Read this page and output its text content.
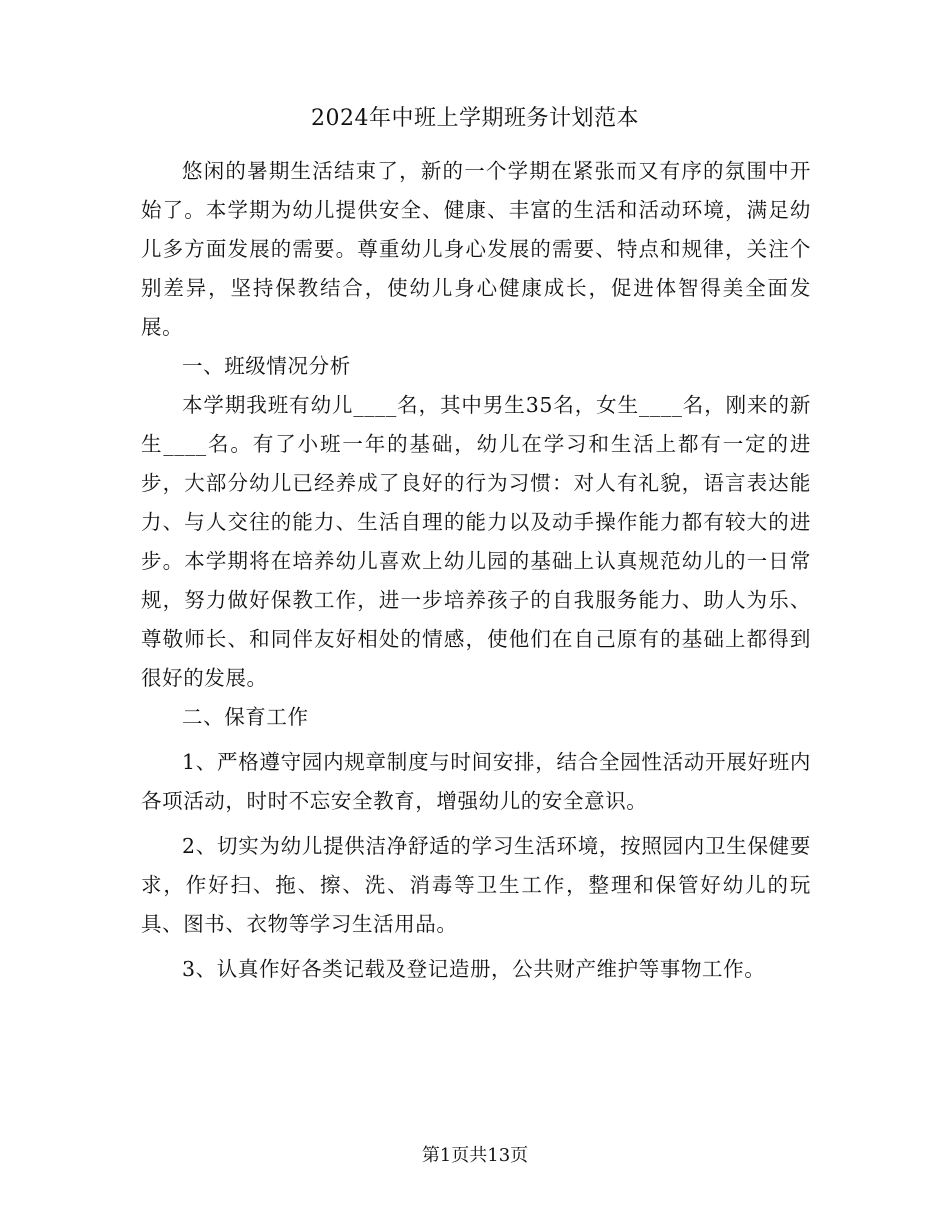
2024年中班上学期班务计划范本

悠闲的暑期生活结束了，新的一个学期在紧张而又有序的氛围中开始了。本学期为幼儿提供安全、健康、丰富的生活和活动环境，满足幼儿多方面发展的需要。尊重幼儿身心发展的需要、特点和规律，关注个别差异，坚持保教结合，使幼儿身心健康成长，促进体智得美全面发展。

一、班级情况分析

本学期我班有幼儿____名，其中男生35名，女生____名，刚来的新生____名。有了小班一年的基础，幼儿在学习和生活上都有一定的进步，大部分幼儿已经养成了良好的行为习惯：对人有礼貌，语言表达能力、与人交往的能力、生活自理的能力以及动手操作能力都有较大的进步。本学期将在培养幼儿喜欢上幼儿园的基础上认真规范幼儿的一日常规，努力做好保教工作，进一步培养孩子的自我服务能力、助人为乐、尊敬师长、和同伴友好相处的情感，使他们在自己原有的基础上都得到很好的发展。

二、保育工作

1、严格遵守园内规章制度与时间安排，结合全园性活动开展好班内各项活动，时时不忘安全教育，增强幼儿的安全意识。

2、切实为幼儿提供洁净舒适的学习生活环境，按照园内卫生保健要求，作好扫、拖、擦、洗、消毒等卫生工作，整理和保管好幼儿的玩具、图书、衣物等学习生活用品。

3、认真作好各类记载及登记造册，公共财产维护等事物工作。

第1页共13页
